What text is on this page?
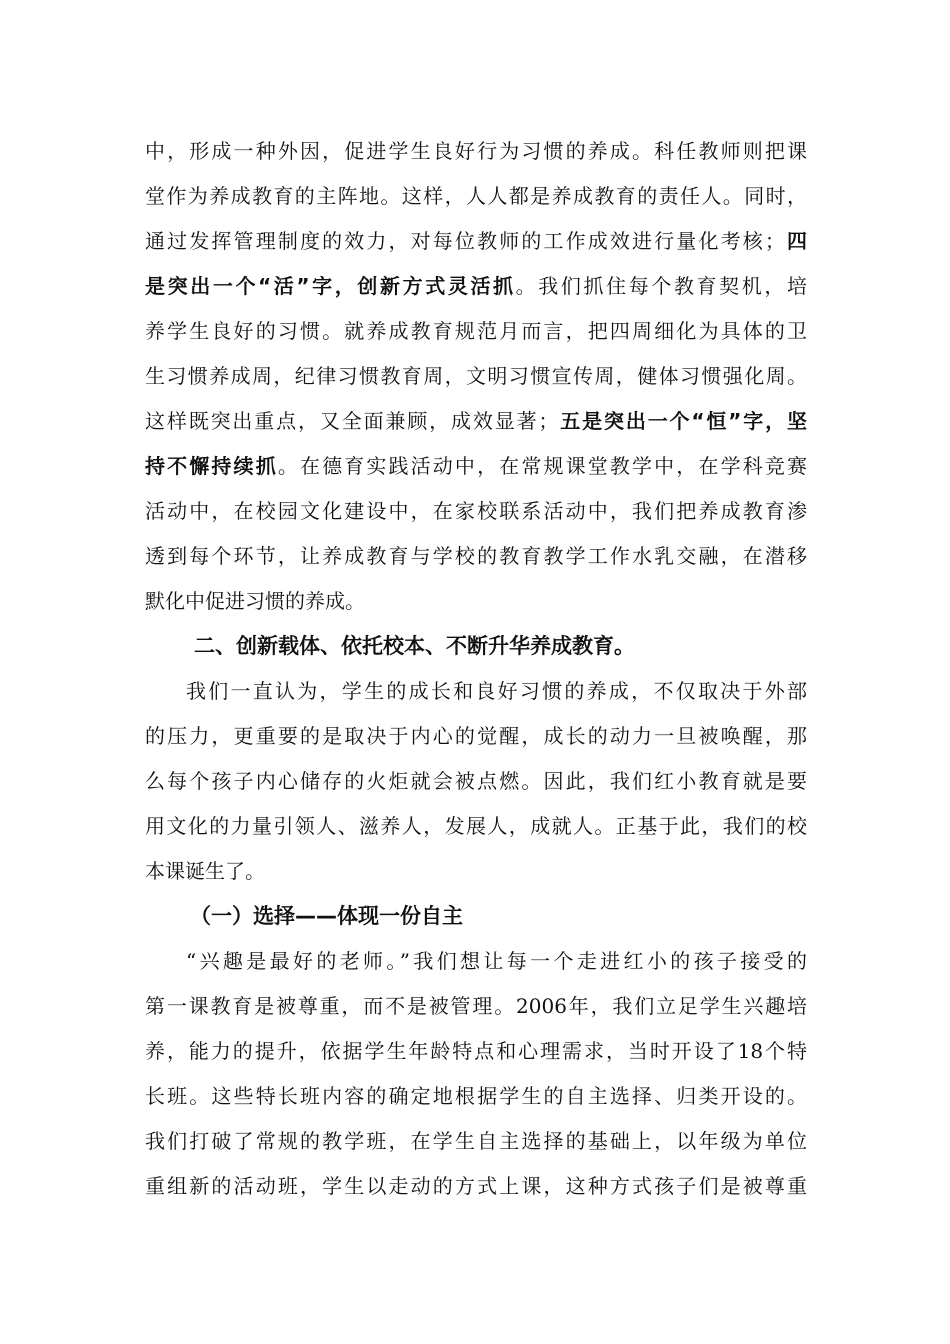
中，形成一种外因，促进学生良好行为习惯的养成。科任教师则把课
堂作为养成教育的主阵地。这样，人人都是养成教育的责任人。同时，
通过发挥管理制度的效力，对每位教师的工作成效进行量化考核；四
是突出一个“活”字，创新方式灵活抓。我们抓住每个教育契机，培
养学生良好的习惯。就养成教育规范月而言，把四周细化为具体的卫
生习惯养成周，纪律习惯教育周，文明习惯宣传周，健体习惯强化周。
这样既突出重点，又全面兼顾，成效显著；五是突出一个“恒”字，坚
持不懈持续抓。在德育实践活动中，在常规课堂教学中，在学科竞赛
活动中，在校园文化建设中，在家校联系活动中，我们把养成教育渗
透到每个环节，让养成教育与学校的教育教学工作水乳交融，在潜移
默化中促进习惯的养成。
二、创新载体、依托校本、不断升华养成教育。
我们一直认为，学生的成长和良好习惯的养成，不仅取决于外部
的压力，更重要的是取决于内心的觉醒，成长的动力一旦被唤醒，那
么每个孩子内心储存的火炬就会被点燃。因此，我们红小教育就是要
用文化的力量引领人、滋养人，发展人，成就人。正基于此，我们的校
本课诞生了。
（一）选择——体现一份自主
“兴趣是最好的老师。”我们想让每一个走进红小的孩子接受的
第一课教育是被尊重，而不是被管理。2006年，我们立足学生兴趣培
养，能力的提升，依据学生年龄特点和心理需求，当时开设了18个特
长班。这些特长班内容的确定地根据学生的自主选择、归类开设的。
我们打破了常规的教学班，在学生自主选择的基础上，以年级为单位
重组新的活动班，学生以走动的方式上课，这种方式孩子们是被尊重
